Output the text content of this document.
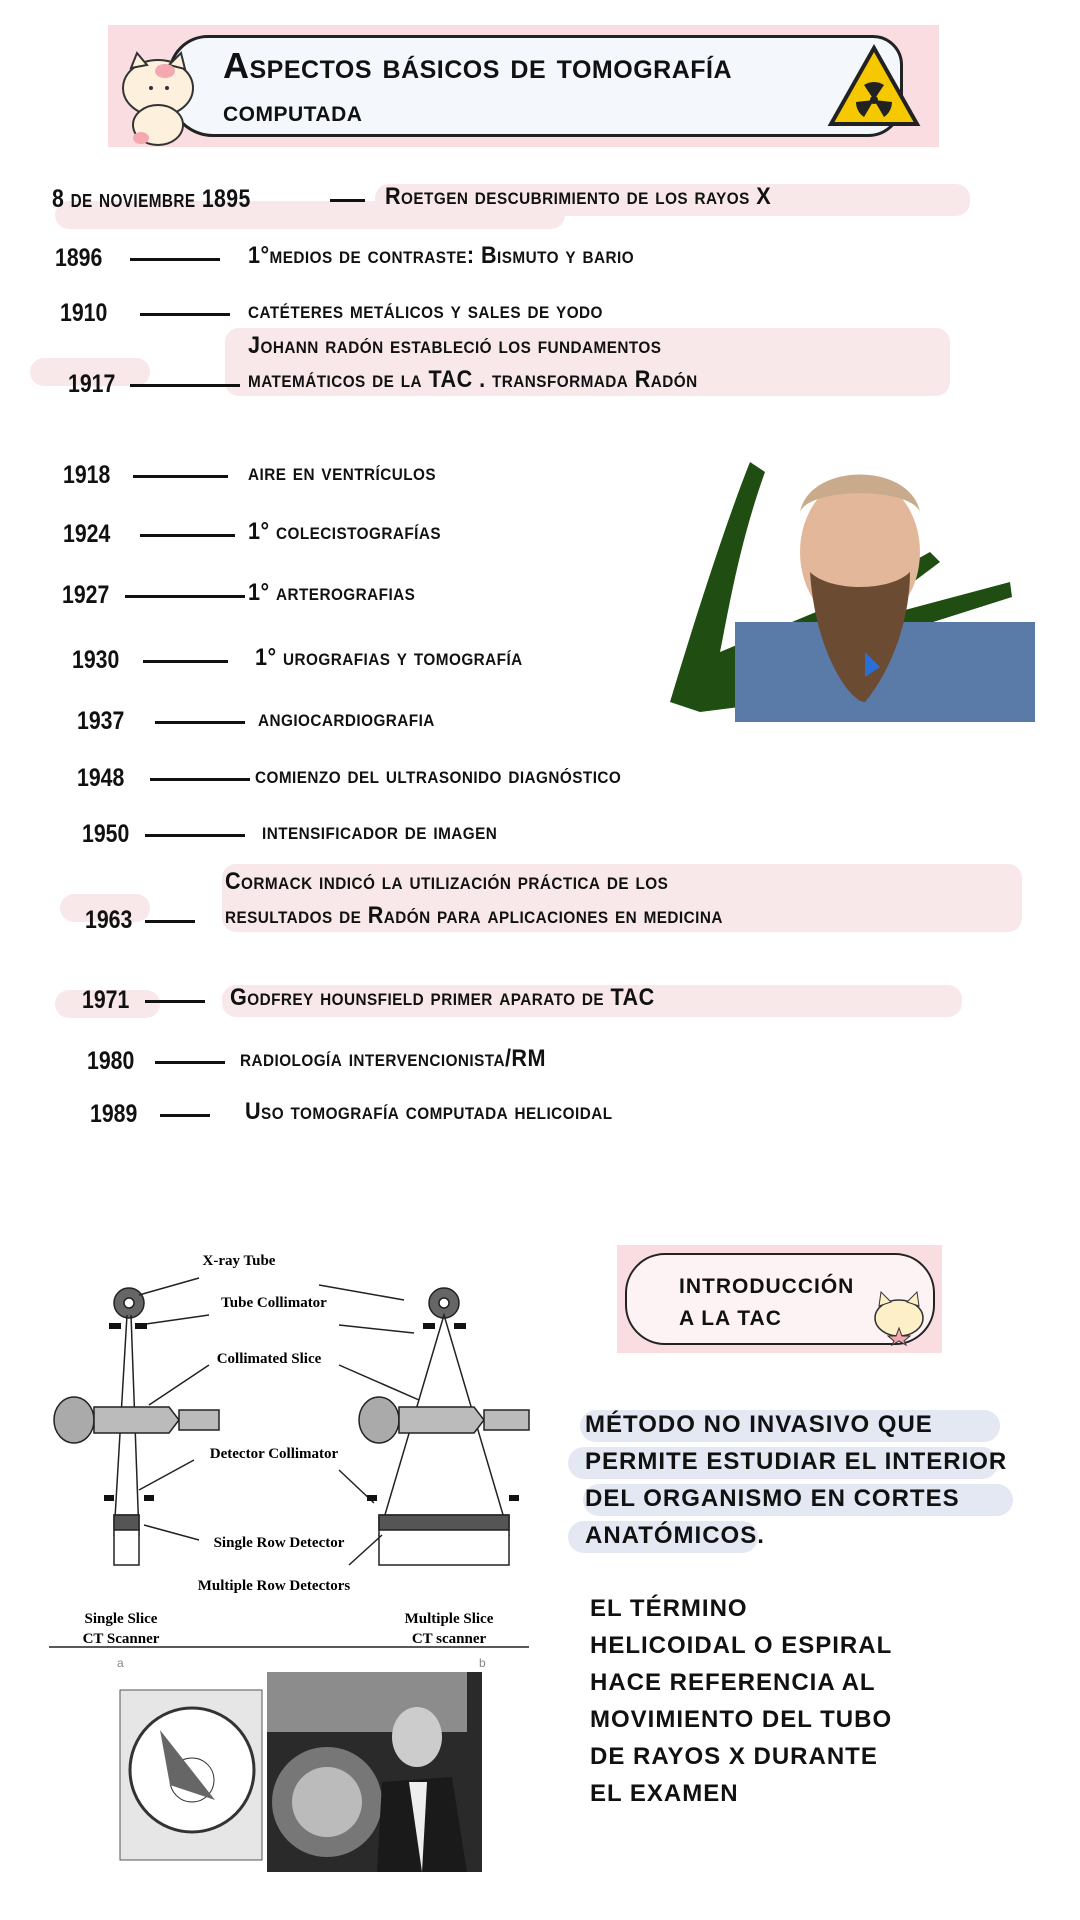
Aspectos básicos de tomografía
computada
8 de noviembre 1895	Roetgen descubrimiento de los rayos X
1896	1°medios de contraste: Bismuto y bario
1910	catéteres metálicos y sales de yodo
1917
Johann radón estableció los fundamentos
matemáticos de la TAC . transformada Radón
1918	aire en ventrículos
1924	1° colecistografías
1927	1° arterografias
1930	1° urografias y tomografía
1937	angiocardiografia
1948	comienzo del ultrasonido diagnóstico
1950	intensificador de imagen
1963
Cormack indicó la utilización práctica de los
resultados de Radón para aplicaciones en medicina
1971	Godfrey hounsfield primer aparato de TAC
1980	radiología intervencionista/RM
1989	Uso tomografía computada helicoidal
X-ray Tube
Tube Collimator
Collimated Slice
Detector Collimator
Single Row Detector
Multiple Row Detectors
Single Slice
CT Scanner
Multiple Slice
CT scanner
a	b
INTRODUCCIÓN
A LA TAC
MÉTODO NO INVASIVO QUE
PERMITE ESTUDIAR EL INTERIOR
DEL ORGANISMO EN CORTES
ANATÓMICOS.
EL TÉRMINO
HELICOIDAL O ESPIRAL
HACE REFERENCIA AL
MOVIMIENTO DEL TUBO
DE RAYOS X DURANTE
EL EXAMEN
